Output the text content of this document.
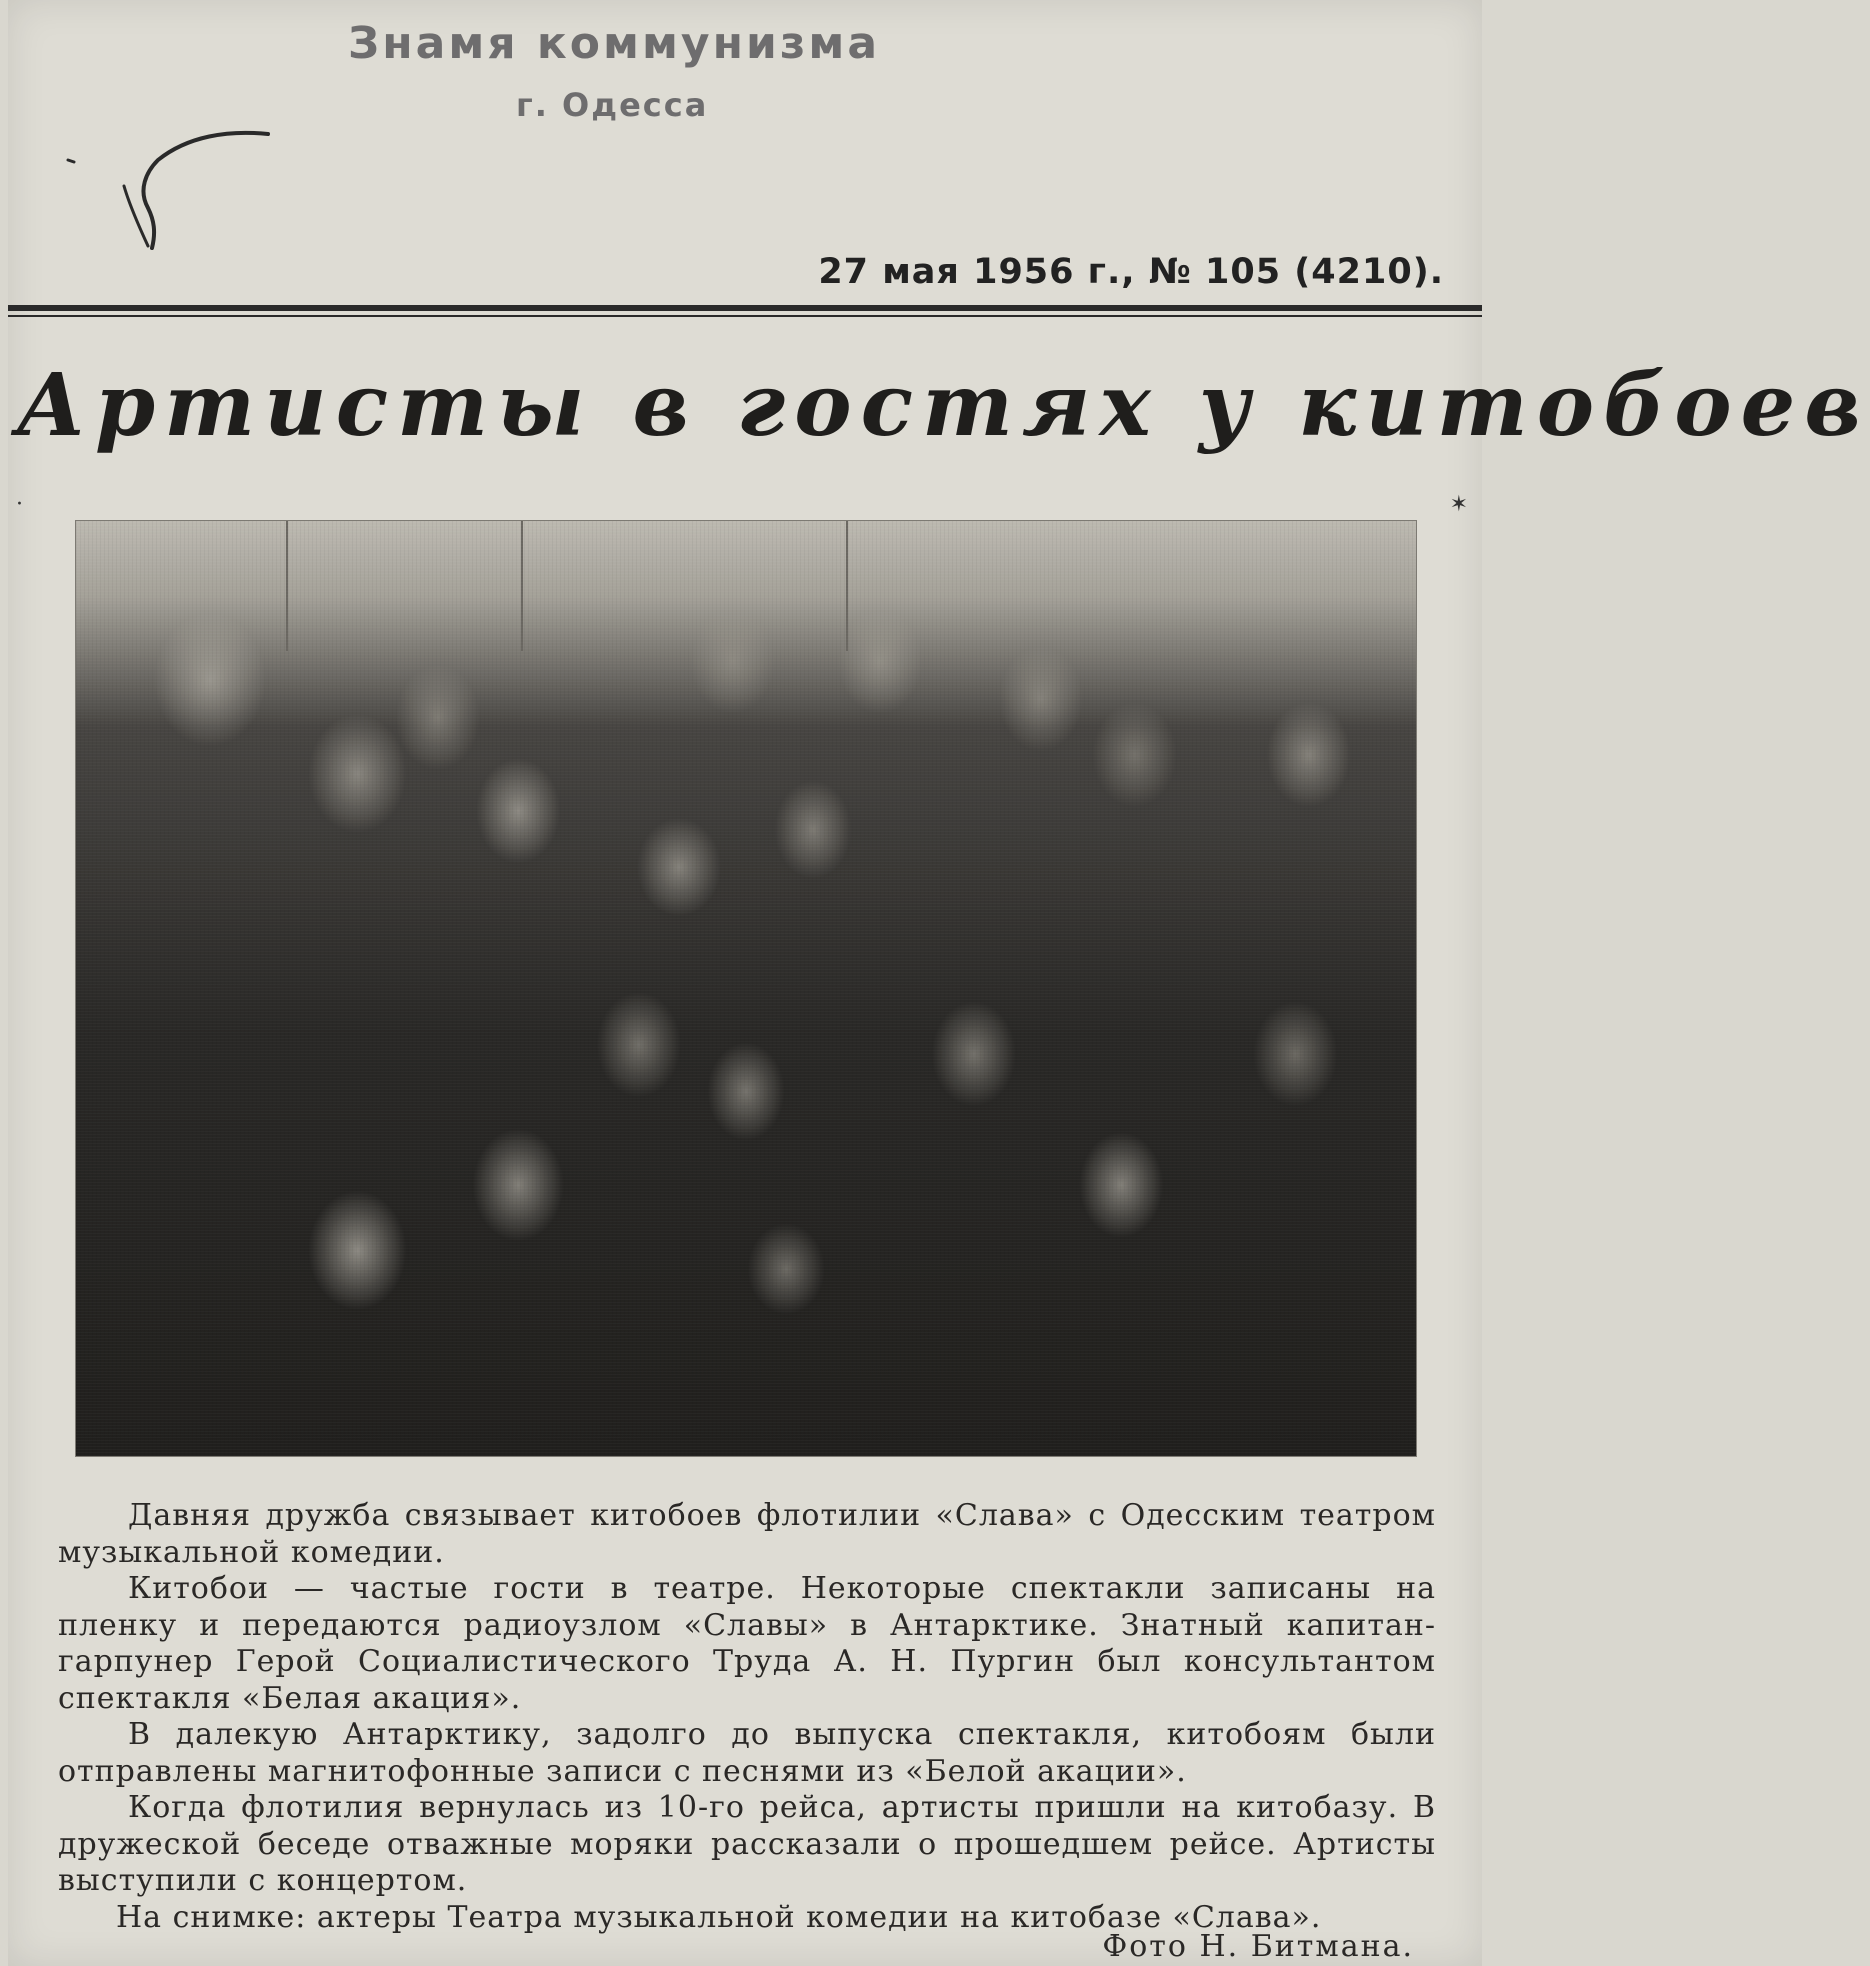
Знамя коммунизма
г. Одесса
27 мая 1956 г., № 105 (4210).
Артисты в гостях у китобоев
·	✶

Давняя дружба связывает китобоев флотилии «Слава» с Одесским театром музыкальной комедии.

Китобои — частые гости в театре. Некоторые спектакли записаны на пленку и передаются радиоузлом «Славы» в Антарктике. Знатный капитан-гарпунер Герой Социалистического Труда А. Н. Пургин был консультантом спектакля «Белая акация».

В далекую Антарктику, задолго до выпуска спектакля, китобоям были отправлены магнитофонные записи с песнями из «Белой акации».

Когда флотилия вернулась из 10-го рейса, артисты пришли на китобазу. В дружеской беседе отважные моряки рассказали о прошедшем рейсе. Артисты выступили с концертом.

На снимке: актеры Театра музыкальной комедии на китобазе «Слава».

Фото Н. Битмана.
